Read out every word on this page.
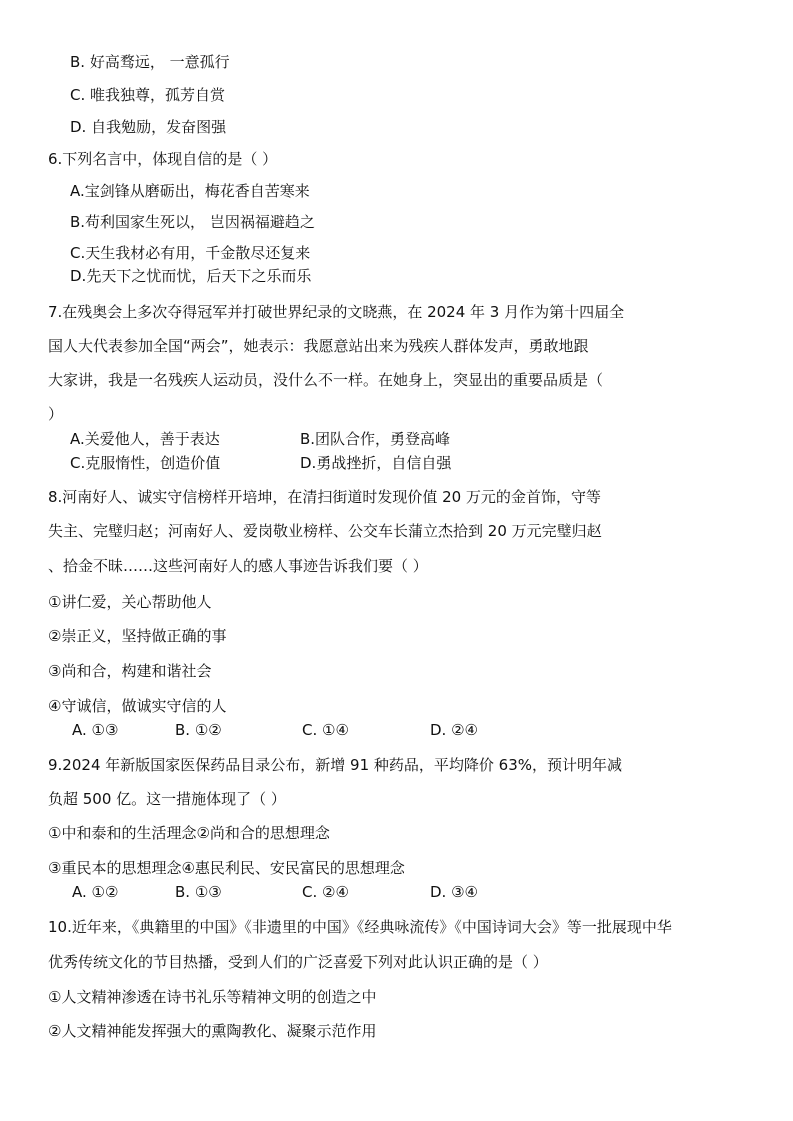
B. 好高骛远， 一意孤行
C. 唯我独尊，孤芳自赏
D. 自我勉励，发奋图强
6.下列名言中，体现自信的是（ ）
A.宝剑锋从磨砺出，梅花香自苦寒来
B.苟利国家生死以， 岂因祸福避趋之
C.天生我材必有用，千金散尽还复来
D.先天下之忧而忧，后天下之乐而乐
7.在残奥会上多次夺得冠军并打破世界纪录的文晓燕，在 2024 年 3 月作为第十四届全
国人大代表参加全国“两会”，她表示：我愿意站出来为残疾人群体发声，勇敢地跟
大家讲，我是一名残疾人运动员，没什么不一样。在她身上，突显出的重要品质是（
）
A.关爱他人，善于表达	B.团队合作，勇登高峰
C.克服惰性，创造价值	D.勇战挫折，自信自强
8.河南好人、诚实守信榜样开培坤，在清扫街道时发现价值 20 万元的金首饰，守等
失主、完璧归赵；河南好人、爱岗敬业榜样、公交车长蒲立杰拾到 20 万元完璧归赵
、拾金不昧……这些河南好人的感人事迹告诉我们要（ ）
①讲仁爱，关心帮助他人
②崇正义，坚持做正确的事
③尚和合，构建和谐社会
④守诚信，做诚实守信的人
A. ①③	B. ①②	C. ①④	D. ②④
9.2024 年新版国家医保药品目录公布，新增 91 种药品，平均降价 63%，预计明年减
负超 500 亿。这一措施体现了（ ）
①中和泰和的生活理念②尚和合的思想理念
③重民本的思想理念④惠民利民、安民富民的思想理念
A. ①②	B. ①③	C. ②④	D. ③④
10.近年来，《典籍里的中国》《非遗里的中国》《经典咏流传》《中国诗词大会》等一批展现中华
优秀传统文化的节目热播，受到人们的广泛喜爱下列对此认识正确的是（ ）
①人文精神渗透在诗书礼乐等精神文明的创造之中
②人文精神能发挥强大的熏陶教化、凝聚示范作用
